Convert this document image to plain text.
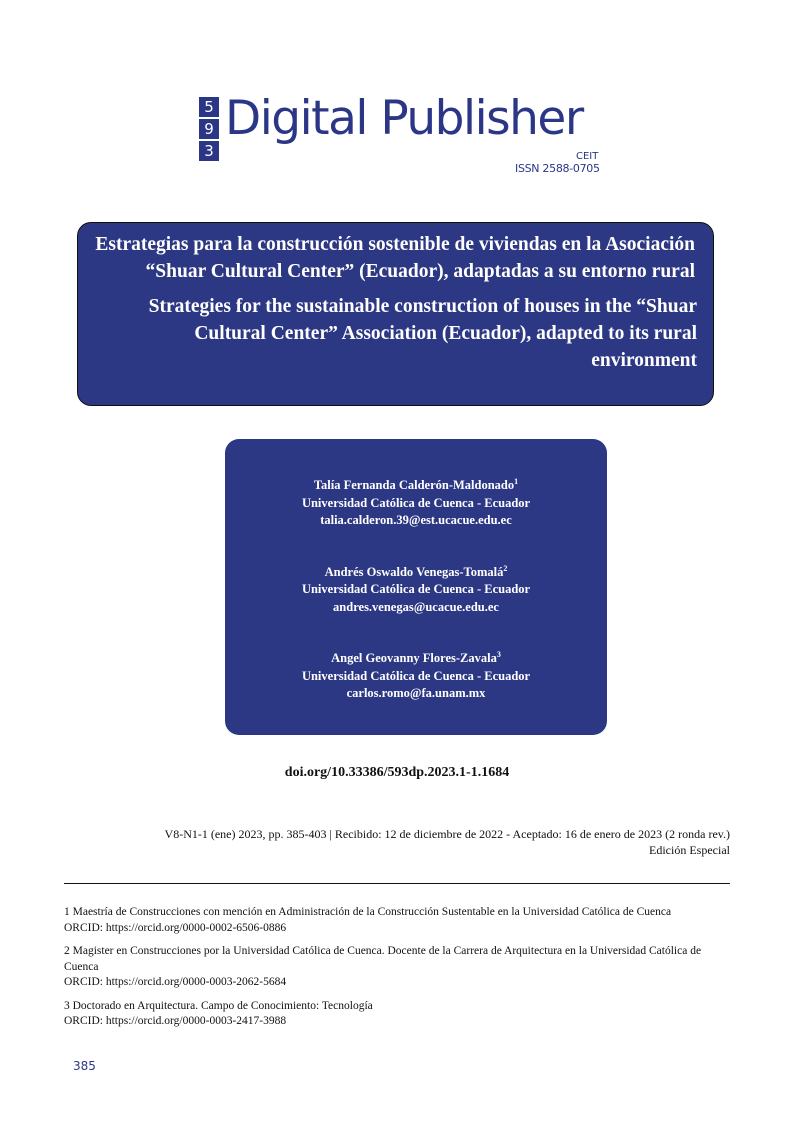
5
9
3
Digital Publisher
CEIT
ISSN 2588-0705

Estrategias para la construcción sostenible de viviendas en la Asociación “Shuar Cultural Center” (Ecuador), adaptadas a su entorno rural

Strategies for the sustainable construction of houses in the “Shuar Cultural Center” Association (Ecuador), adapted to its rural environment

Talía Fernanda Calderón-Maldonado$^1$
Universidad Católica de Cuenca - Ecuador
talia.calderon.39@est.ucacue.edu.ec
Andrés Oswaldo Venegas-Tomalá$^2$
Universidad Católica de Cuenca - Ecuador
andres.venegas@ucacue.edu.ec
Angel Geovanny Flores-Zavala$^3$
Universidad Católica de Cuenca - Ecuador
carlos.romo@fa.unam.mx
doi.org/10.33386/593dp.2023.1-1.1684
V8-N1-1 (ene) 2023, pp. 385-403 | Recibido: 12 de diciembre de 2022 - Aceptado: 16 de enero de 2023 (2 ronda rev.)
Edición Especial
1 Maestría de Construcciones con mención en Administración de la Construcción Sustentable en la Universidad Católica de Cuenca
ORCID: https://orcid.org/0000-0002-6506-0886
2 Magister en Construcciones por la Universidad Católica de Cuenca. Docente de la Carrera de Arquitectura en la Universidad Católica de Cuenca
ORCID: https://orcid.org/0000-0003-2062-5684
3 Doctorado en Arquitectura. Campo de Conocimiento: Tecnología
ORCID: https://orcid.org/0000-0003-2417-3988
385
